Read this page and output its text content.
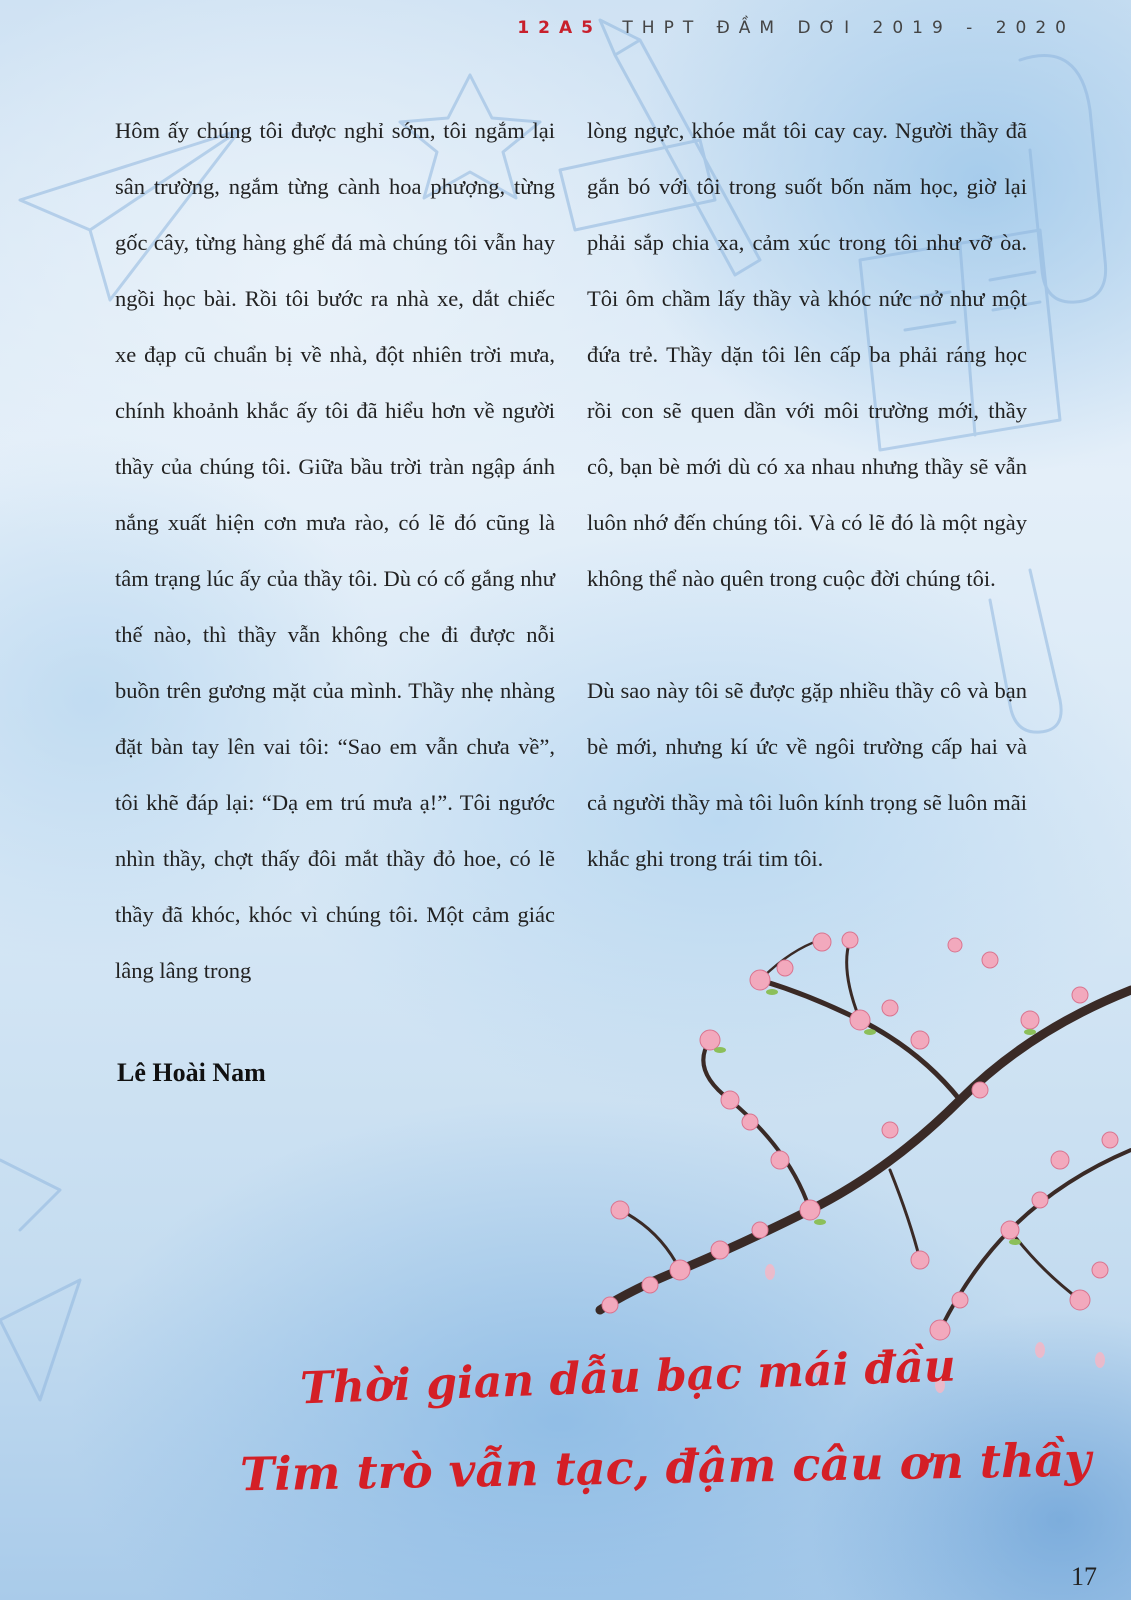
12A5 THPT ĐẦM DƠI 2019 - 2020

Hôm ấy chúng tôi được nghỉ sớm, tôi ngắm lại sân trường, ngắm từng cành hoa phượng, từng gốc cây, từng hàng ghế đá mà chúng tôi vẫn hay ngồi học bài. Rồi tôi bước ra nhà xe, dắt chiếc xe đạp cũ chuẩn bị về nhà, đột nhiên trời mưa, chính khoảnh khắc ấy tôi đã hiểu hơn về người thầy của chúng tôi. Giữa bầu trời tràn ngập ánh nắng xuất hiện cơn mưa rào, có lẽ đó cũng là tâm trạng lúc ấy của thầy tôi. Dù có cố gắng như thế nào, thì thầy vẫn không che đi được nỗi buồn trên gương mặt của mình. Thầy nhẹ nhàng đặt bàn tay lên vai tôi: “Sao em vẫn chưa về”, tôi khẽ đáp lại: “Dạ em trú mưa ạ!”. Tôi ngước nhìn thầy, chợt thấy đôi mắt thầy đỏ hoe, có lẽ thầy đã khóc, khóc vì chúng tôi. Một cảm giác lâng lâng trong

lòng ngực, khóe mắt tôi cay cay. Người thầy đã gắn bó với tôi trong suốt bốn năm học, giờ lại phải sắp chia xa, cảm xúc trong tôi như vỡ òa. Tôi ôm chầm lấy thầy và khóc nức nở như một đứa trẻ. Thầy dặn tôi lên cấp ba phải ráng học rồi con sẽ quen dần với môi trường mới, thầy cô, bạn bè mới dù có xa nhau nhưng thầy sẽ vẫn luôn nhớ đến chúng tôi. Và có lẽ đó là một ngày không thể nào quên trong cuộc đời chúng tôi.

Dù sao này tôi sẽ được gặp nhiều thầy cô và bạn bè mới, nhưng kí ức về ngôi trường cấp hai và cả người thầy mà tôi luôn kính trọng sẽ luôn mãi khắc ghi trong trái tim tôi.

Lê Hoài Nam
Thời gian dẫu bạc mái đầu
Tim trò vẫn tạc, đậm câu ơn thầy
17
